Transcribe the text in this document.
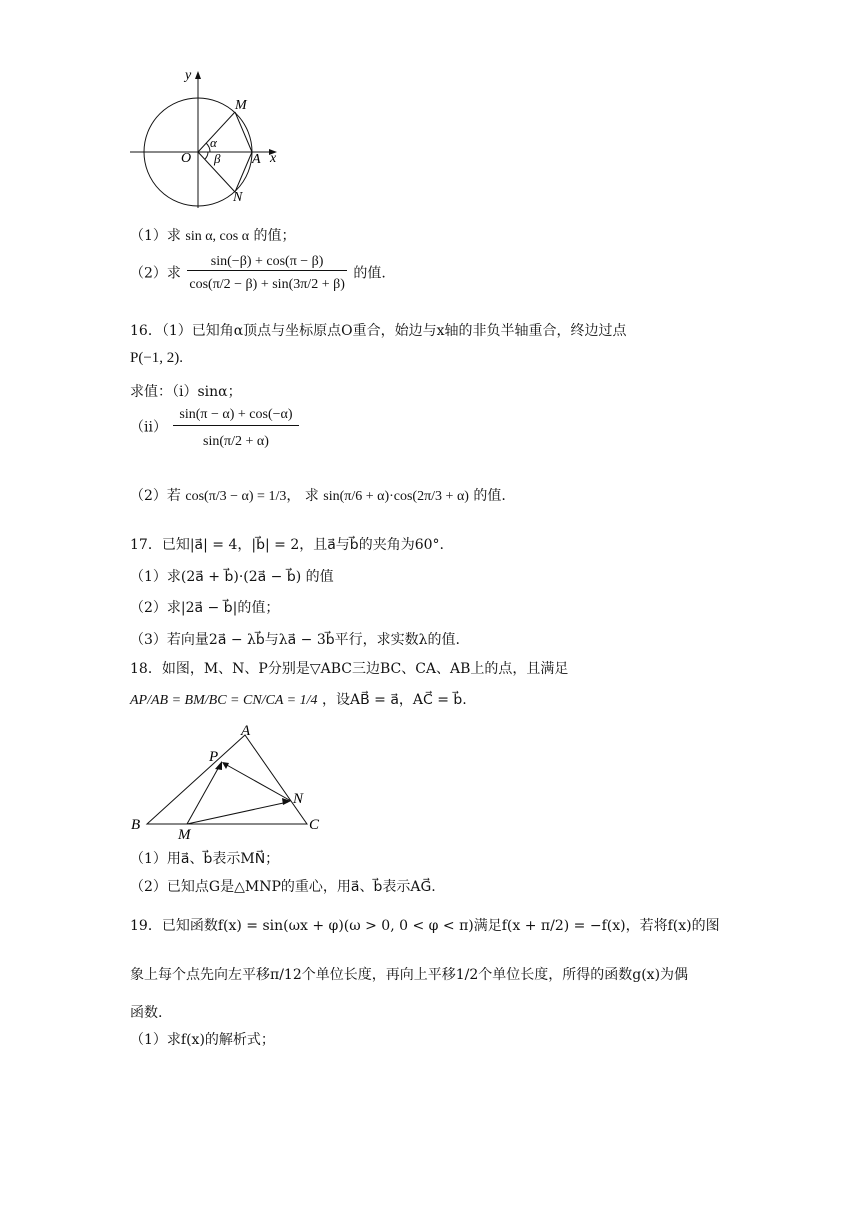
y
x
M
O	A
N
α
β
（1）求 sin α, cos α 的值；
（2）求 $\frac{\sin(-\beta) + \cos(\pi - \beta)}{\cos(\pi/2 - \beta) + \sin(3\pi/2 + \beta)}$ 的值.
16．（1）已知角α顶点与坐标原点O重合，始边与x轴的非负半轴重合，终边过点
P(−1, 2).
求值：（ⅰ）sinα；
（ⅱ） $\frac{\sin(\pi - \alpha) + \cos(-\alpha)}{\sin(\pi/2 + \alpha)}$
（2）若 cos(π/3 − α) = 1/3， 求 sin(π/6 + α)·cos(2π/3 + α) 的值.
17．已知|a⃗| = 4，|b⃗| = 2，且a⃗与b⃗的夹角为60°.
（1）求(2a⃗ + b⃗)·(2a⃗ − b⃗) 的值
（2）求|2a⃗ − b⃗|的值；
（3）若向量2a⃗ − λb⃗与λa⃗ − 3b⃗平行，求实数λ的值.
18．如图，M、N、P分别是▽ABC三边BC、CA、AB上的点，且满足
AP/AB = BM/BC = CN/CA = 1/4 ，设AB⃗ = a⃗，AC⃗ = b⃗.
A
B	C
M
N
P
（1）用a⃗、b⃗表示MN⃗；
（2）已知点G是△MNP的重心，用a⃗、b⃗表示AG⃗.
19．已知函数f(x) = sin(ωx + φ)(ω > 0, 0 < φ < π)满足f(x + π/2) = −f(x)，若将f(x)的图
象上每个点先向左平移π/12个单位长度，再向上平移1/2个单位长度，所得的函数g(x)为偶
函数.
（1）求f(x)的解析式；
